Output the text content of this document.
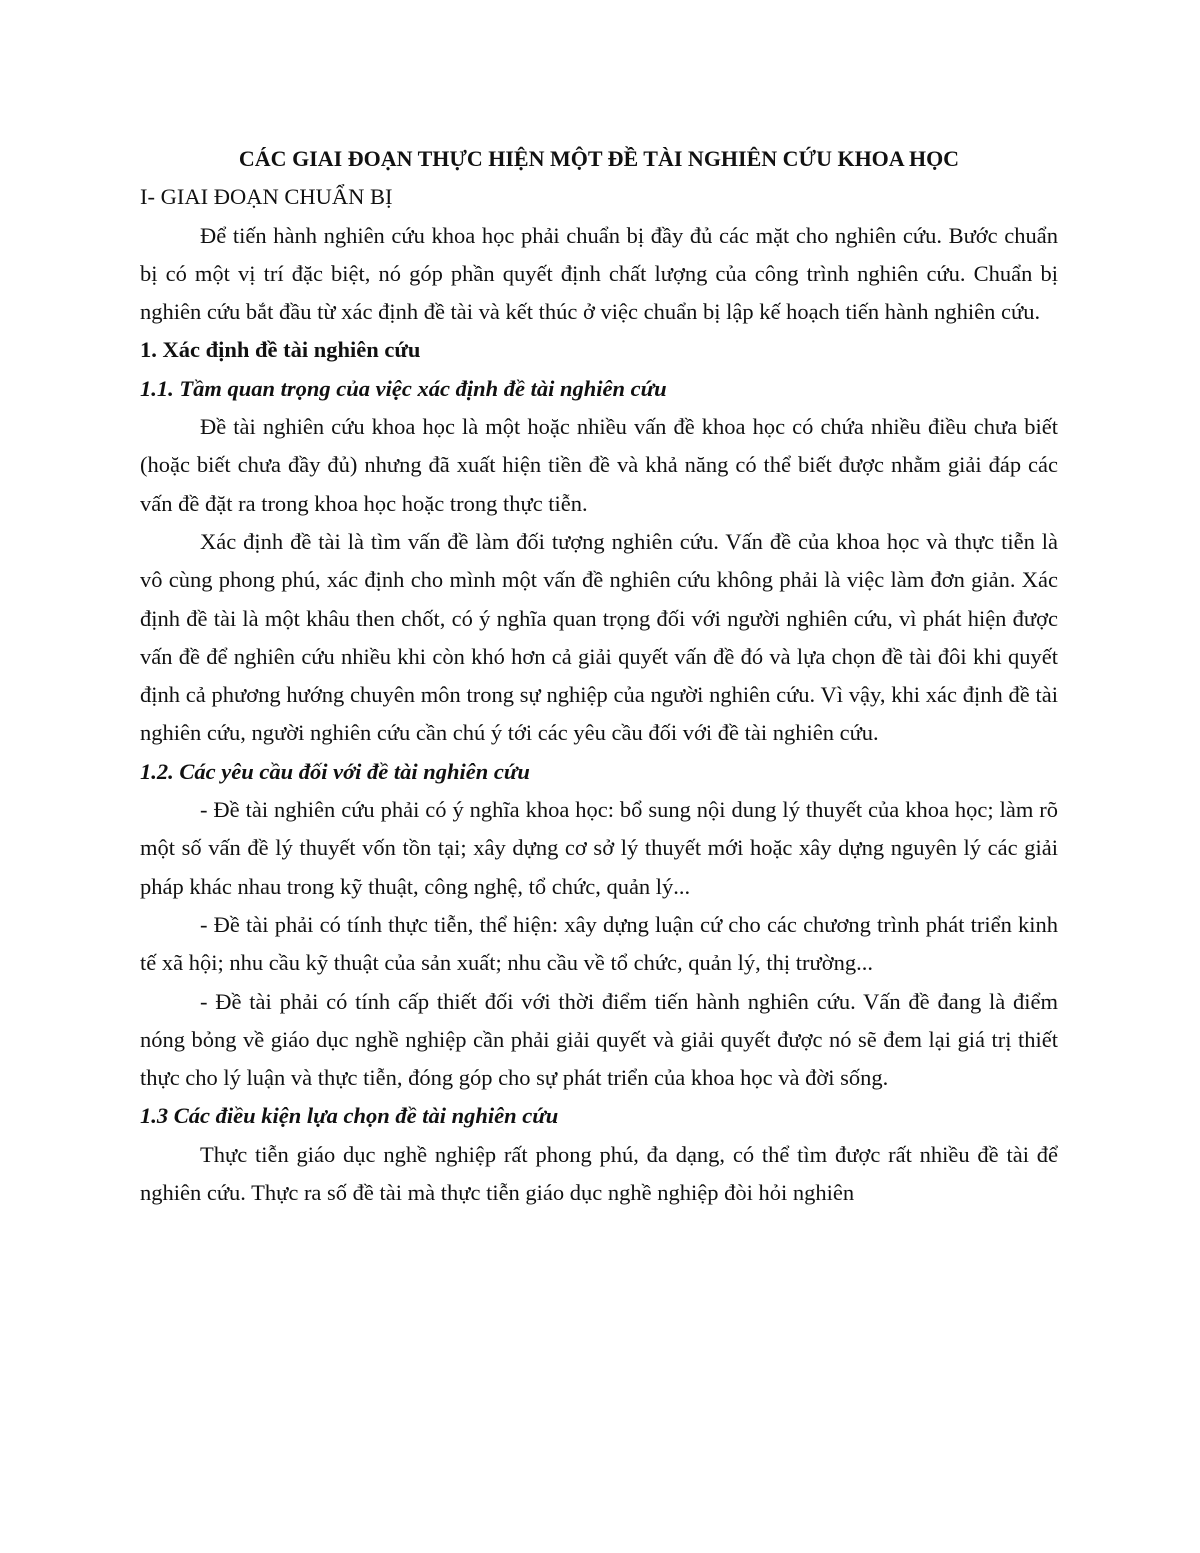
CÁC GIAI ĐOẠN THỰC HIỆN MỘT ĐỀ TÀI NGHIÊN CỨU KHOA HỌC

I- GIAI ĐOẠN CHUẨN BỊ

Để tiến hành nghiên cứu khoa học phải chuẩn bị đầy đủ các mặt cho nghiên cứu. Bước chuẩn bị có một vị trí đặc biệt, nó góp phần quyết định chất lượng của công trình nghiên cứu. Chuẩn bị nghiên cứu bắt đầu từ xác định đề tài và kết thúc ở việc chuẩn bị lập kế hoạch tiến hành nghiên cứu.

1. Xác định đề tài nghiên cứu

1.1. Tầm quan trọng của việc xác định đề tài nghiên cứu

Đề tài nghiên cứu khoa học là một hoặc nhiều vấn đề khoa học có chứa nhiều điều chưa biết (hoặc biết chưa đầy đủ) nhưng đã xuất hiện tiền đề và khả năng có thể biết được nhằm giải đáp các vấn đề đặt ra trong khoa học hoặc trong thực tiễn.

Xác định đề tài là tìm vấn đề làm đối tượng nghiên cứu. Vấn đề của khoa học và thực tiễn là vô cùng phong phú, xác định cho mình một vấn đề nghiên cứu không phải là việc làm đơn giản. Xác định đề tài là một khâu then chốt, có ý nghĩa quan trọng đối với người nghiên cứu, vì phát hiện được vấn đề để nghiên cứu nhiều khi còn khó hơn cả giải quyết vấn đề đó và lựa chọn đề tài đôi khi quyết định cả phương hướng chuyên môn trong sự nghiệp của người nghiên cứu. Vì vậy, khi xác định đề tài nghiên cứu, người nghiên cứu cần chú ý tới các yêu cầu đối với đề tài nghiên cứu.

1.2. Các yêu cầu đối với đề tài nghiên cứu

- Đề tài nghiên cứu phải có ý nghĩa khoa học: bổ sung nội dung lý thuyết của khoa học; làm rõ một số vấn đề lý thuyết vốn tồn tại; xây dựng cơ sở lý thuyết mới hoặc xây dựng nguyên lý các giải pháp khác nhau trong kỹ thuật, công nghệ, tổ chức, quản lý...

- Đề tài phải có tính thực tiễn, thể hiện: xây dựng luận cứ cho các chương trình phát triển kinh tế xã hội; nhu cầu kỹ thuật của sản xuất; nhu cầu về tổ chức, quản lý, thị trường...

- Đề tài phải có tính cấp thiết đối với thời điểm tiến hành nghiên cứu. Vấn đề đang là điểm nóng bỏng về giáo dục nghề nghiệp cần phải giải quyết và giải quyết được nó sẽ đem lại giá trị thiết thực cho lý luận và thực tiễn, đóng góp cho sự phát triển của khoa học và đời sống.

1.3 Các điều kiện lựa chọn đề tài nghiên cứu

Thực tiễn giáo dục nghề nghiệp rất phong phú, đa dạng, có thể tìm được rất nhiều đề tài để nghiên cứu. Thực ra số đề tài mà thực tiễn giáo dục nghề nghiệp đòi hỏi nghiên
